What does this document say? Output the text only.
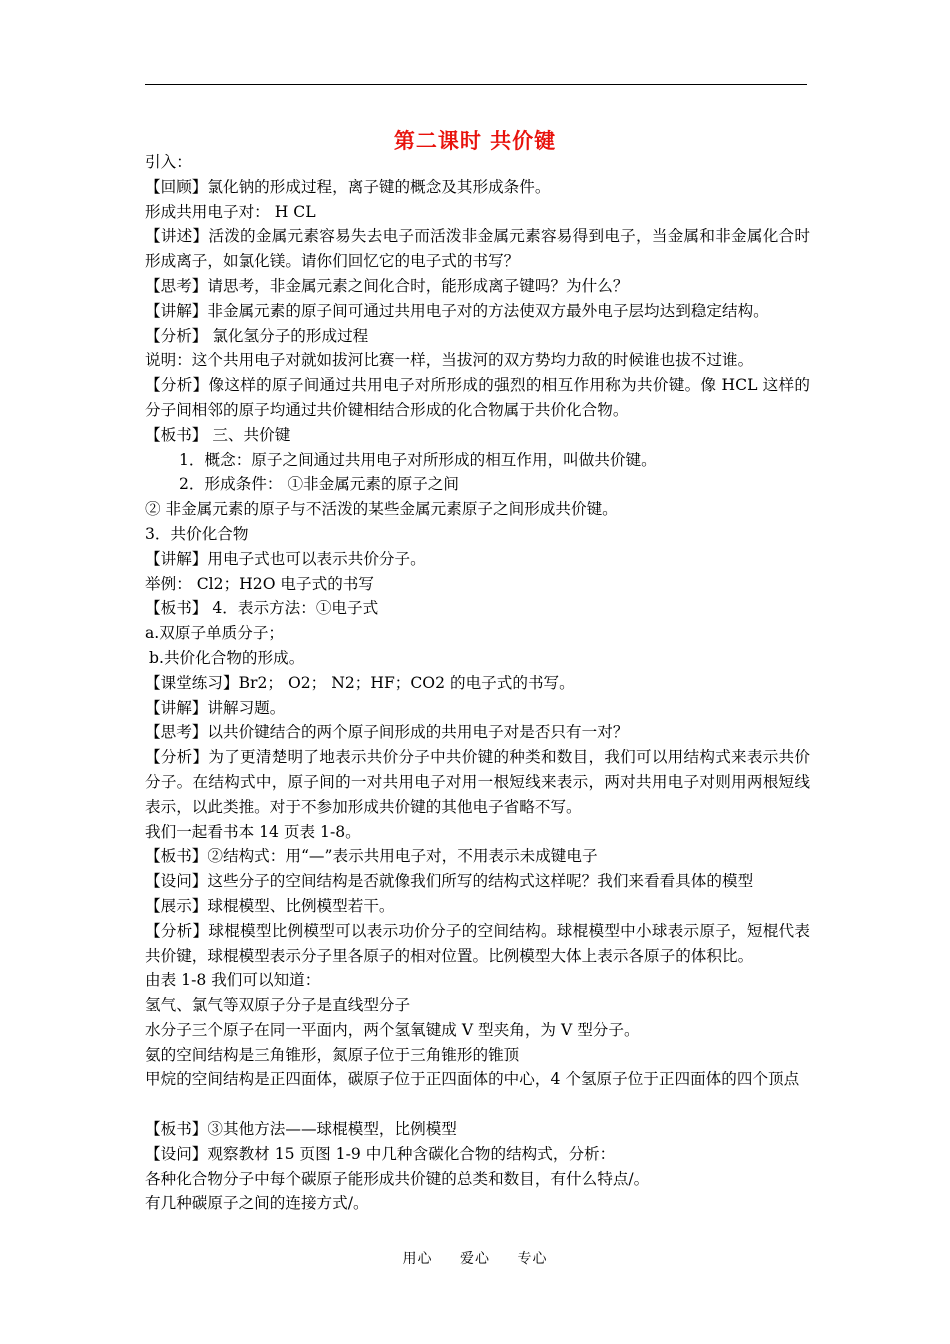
第二课时 共价键
引入：
【回顾】氯化钠的形成过程，离子键的概念及其形成条件。
形成共用电子对： H CL
【讲述】活泼的金属元素容易失去电子而活泼非金属元素容易得到电子，当金属和非金属化合时形成离子，如氯化镁。请你们回忆它的电子式的书写？
【思考】请思考，非金属元素之间化合时，能形成离子键吗？为什么？
【讲解】非金属元素的原子间可通过共用电子对的方法使双方最外电子层均达到稳定结构。
【分析】 氯化氢分子的形成过程
说明：这个共用电子对就如拔河比赛一样，当拔河的双方势均力敌的时候谁也拔不过谁。
【分析】像这样的原子间通过共用电子对所形成的强烈的相互作用称为共价键。像 HCL 这样的分子间相邻的原子均通过共价键相结合形成的化合物属于共价化合物。
【板书】 三、共价键
1．概念：原子之间通过共用电子对所形成的相互作用，叫做共价键。
2．形成条件： ①非金属元素的原子之间
② 非金属元素的原子与不活泼的某些金属元素原子之间形成共价键。
3．共价化合物
【讲解】用电子式也可以表示共价分子。
举例： Cl2；H2O 电子式的书写
【板书】 4．表示方法：①电子式
a.双原子单质分子；
b.共价化合物的形成。
【课堂练习】Br2； O2； N2；HF；CO2 的电子式的书写。
【讲解】讲解习题。
【思考】以共价键结合的两个原子间形成的共用电子对是否只有一对？
【分析】为了更清楚明了地表示共价分子中共价键的种类和数目，我们可以用结构式来表示共价分子。在结构式中，原子间的一对共用电子对用一根短线来表示，两对共用电子对则用两根短线表示，以此类推。对于不参加形成共价键的其他电子省略不写。
我们一起看书本 14 页表 1-8。
【板书】②结构式：用“—”表示共用电子对，不用表示未成键电子
【设问】这些分子的空间结构是否就像我们所写的结构式这样呢？我们来看看具体的模型
【展示】球棍模型、比例模型若干。
【分析】球棍模型比例模型可以表示功价分子的空间结构。球棍模型中小球表示原子，短棍代表共价键，球棍模型表示分子里各原子的相对位置。比例模型大体上表示各原子的体积比。
由表 1-8 我们可以知道：
氢气、氯气等双原子分子是直线型分子
水分子三个原子在同一平面内，两个氢氧键成 V 型夹角，为 V 型分子。
氨的空间结构是三角锥形，氮原子位于三角锥形的锥顶
甲烷的空间结构是正四面体，碳原子位于正四面体的中心，4 个氢原子位于正四面体的四个顶点
【板书】③其他方法——球棍模型，比例模型
【设问】观察教材 15 页图 1-9 中几种含碳化合物的结构式，分析：
各种化合物分子中每个碳原子能形成共价键的总类和数目，有什么特点/。
有几种碳原子之间的连接方式/。
用心 爱心 专心
